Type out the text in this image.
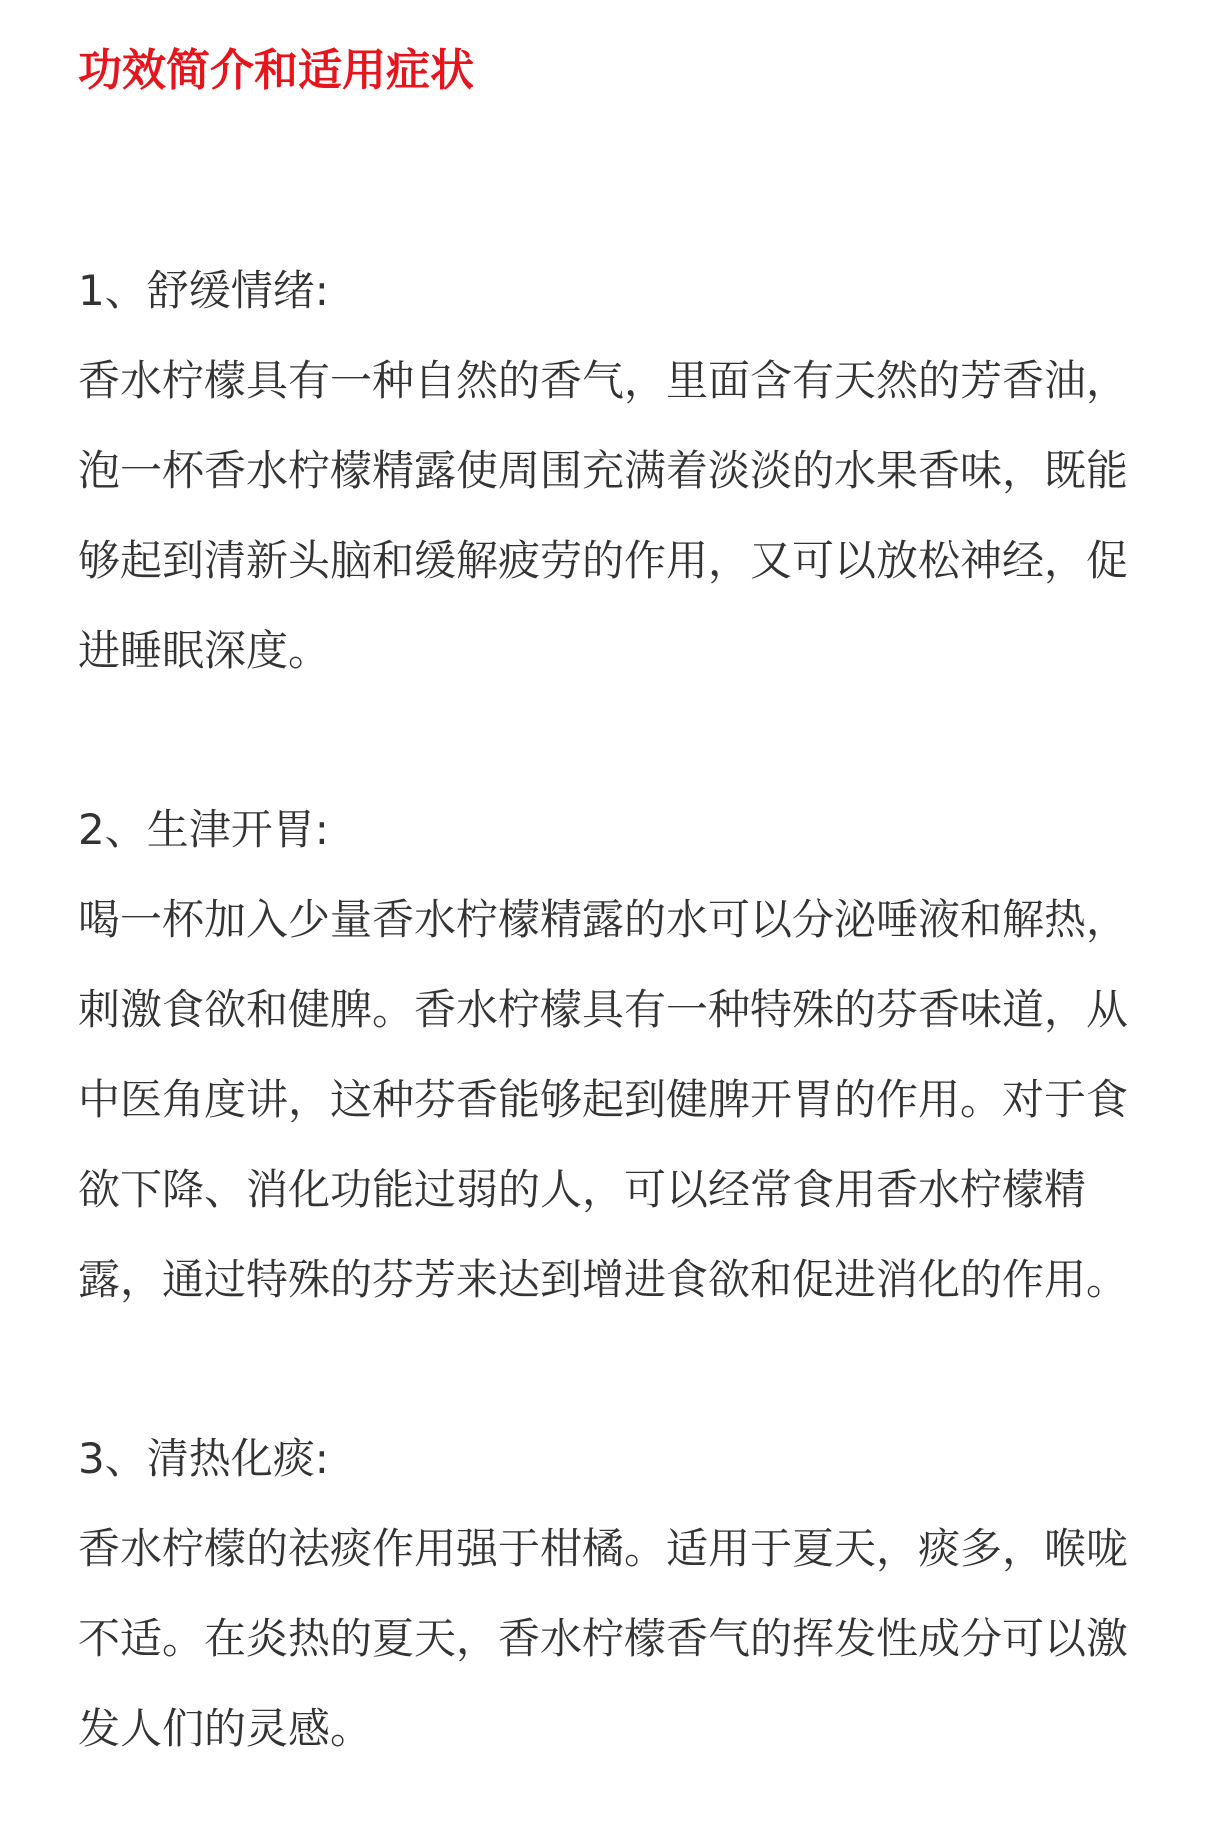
功效简介和适用症状

1、舒缓情绪:

香水柠檬具有一种自然的香气，里面含有天然的芳香油，泡一杯香水柠檬精露使周围充满着淡淡的水果香味，既能够起到清新头脑和缓解疲劳的作用，又可以放松神经，促进睡眠深度。

2、生津开胃:

喝一杯加入少量香水柠檬精露的水可以分泌唾液和解热，刺激食欲和健脾。香水柠檬具有一种特殊的芬香味道，从中医角度讲，这种芬香能够起到健脾开胃的作用。对于食欲下降、消化功能过弱的人，可以经常食用香水柠檬精露，通过特殊的芬芳来达到增进食欲和促进消化的作用。

3、清热化痰:

香水柠檬的祛痰作用强于柑橘。适用于夏天，痰多，喉咙不适。在炎热的夏天，香水柠檬香气的挥发性成分可以激发人们的灵感。
